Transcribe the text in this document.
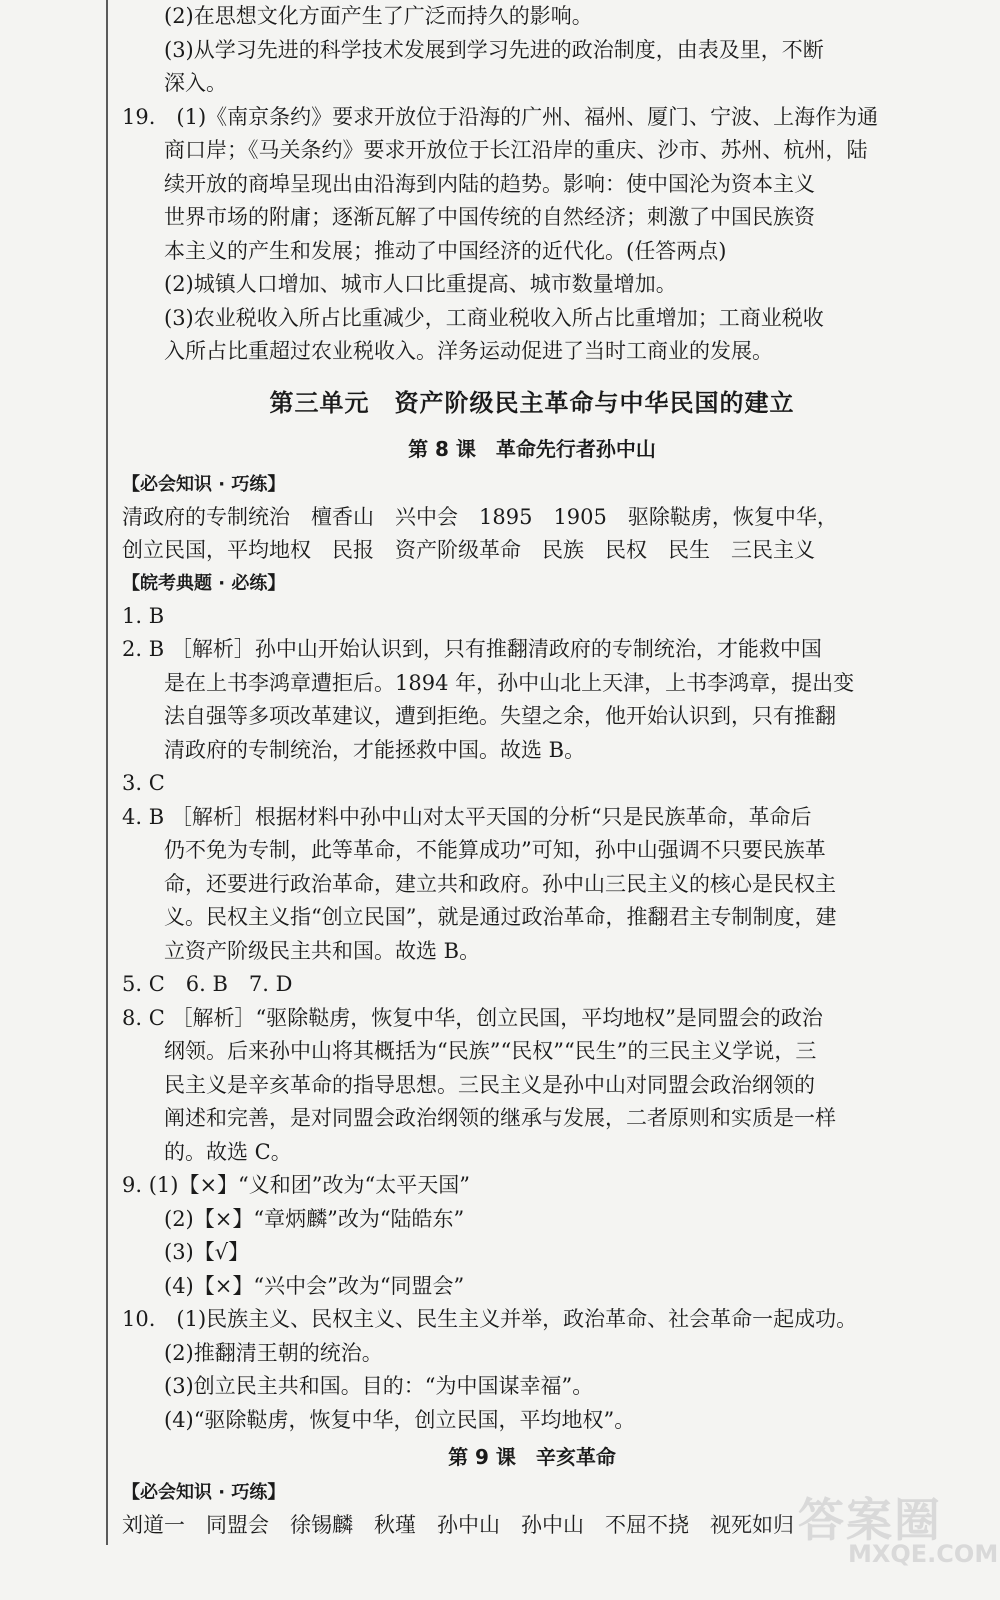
(2)在思想文化方面产生了广泛而持久的影响。
(3)从学习先进的科学技术发展到学习先进的政治制度，由表及里，不断
深入。
19.　(1)《南京条约》要求开放位于沿海的广州、福州、厦门、宁波、上海作为通
商口岸；《马关条约》要求开放位于长江沿岸的重庆、沙市、苏州、杭州，陆
续开放的商埠呈现出由沿海到内陆的趋势。影响：使中国沦为资本主义
世界市场的附庸；逐渐瓦解了中国传统的自然经济；刺激了中国民族资
本主义的产生和发展；推动了中国经济的近代化。(任答两点)
(2)城镇人口增加、城市人口比重提高、城市数量增加。
(3)农业税收入所占比重减少，工商业税收入所占比重增加；工商业税收
入所占比重超过农业税收入。洋务运动促进了当时工商业的发展。
第三单元　资产阶级民主革命与中华民国的建立
第 8 课　革命先行者孙中山
【必会知识 · 巧练】
清政府的专制统治　檀香山　兴中会　1895　1905　驱除鞑虏，恢复中华，
创立民国，平均地权　民报　资产阶级革命　民族　民权　民生　三民主义
【皖考典题 · 必练】
1. B
2. B ［解析］孙中山开始认识到，只有推翻清政府的专制统治，才能救中国
是在上书李鸿章遭拒后。1894 年，孙中山北上天津，上书李鸿章，提出变
法自强等多项改革建议，遭到拒绝。失望之余，他开始认识到，只有推翻
清政府的专制统治，才能拯救中国。故选 B。
3. C
4. B ［解析］根据材料中孙中山对太平天国的分析“只是民族革命，革命后
仍不免为专制，此等革命，不能算成功”可知，孙中山强调不只要民族革
命，还要进行政治革命，建立共和政府。孙中山三民主义的核心是民权主
义。民权主义指“创立民国”，就是通过政治革命，推翻君主专制制度，建
立资产阶级民主共和国。故选 B。
5. C　6. B　7. D
8. C ［解析］“驱除鞑虏，恢复中华，创立民国，平均地权”是同盟会的政治
纲领。后来孙中山将其概括为“民族”“民权”“民生”的三民主义学说，三
民主义是辛亥革命的指导思想。三民主义是孙中山对同盟会政治纲领的
阐述和完善，是对同盟会政治纲领的继承与发展，二者原则和实质是一样
的。故选 C。
9. (1)【×】“义和团”改为“太平天国”
(2)【×】“章炳麟”改为“陆皓东”
(3)【√】
(4)【×】“兴中会”改为“同盟会”
10.　(1)民族主义、民权主义、民生主义并举，政治革命、社会革命一起成功。
(2)推翻清王朝的统治。
(3)创立民主共和国。目的：“为中国谋幸福”。
(4)“驱除鞑虏，恢复中华，创立民国，平均地权”。
第 9 课　辛亥革命
【必会知识 · 巧练】
刘道一　同盟会　徐锡麟　秋瑾　孙中山　孙中山　不屈不挠　视死如归 答案圈
MXQE.COM
